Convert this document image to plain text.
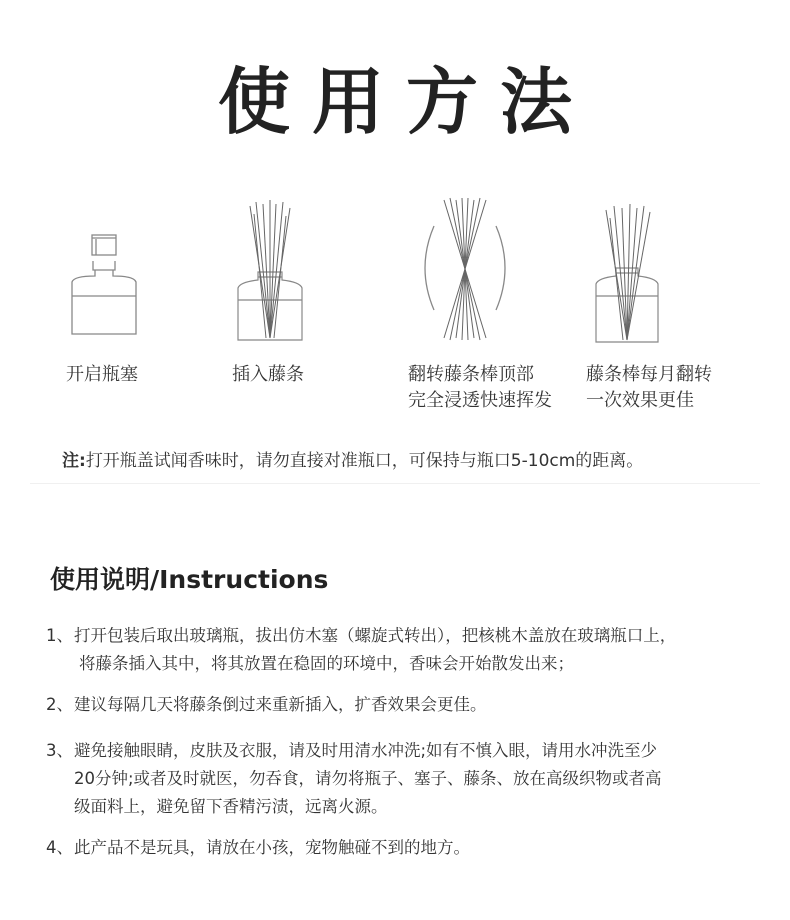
使用方法
开启瓶塞	插入藤条	翻转藤条棒顶部
完全浸透快速挥发
藤条棒每月翻转
一次效果更佳
注:打开瓶盖试闻香味时，请勿直接对准瓶口，可保持与瓶口5-10cm的距离。
使用说明/Instructions
1、 打开包装后取出玻璃瓶，拔出仿木塞（螺旋式转出），把核桃木盖放在玻璃瓶口上，
将藤条插入其中，将其放置在稳固的环境中，香味会开始散发出来；
2、 建议每隔几天将藤条倒过来重新插入，扩香效果会更佳。
3、 避免接触眼睛，皮肤及衣服，请及时用清水冲洗;如有不慎入眼，请用水冲洗至少
20分钟;或者及时就医，勿吞食，请勿将瓶子、塞子、藤条、放在高级织物或者高
级面料上，避免留下香精污渍，远离火源。
4、 此产品不是玩具，请放在小孩，宠物触碰不到的地方。
